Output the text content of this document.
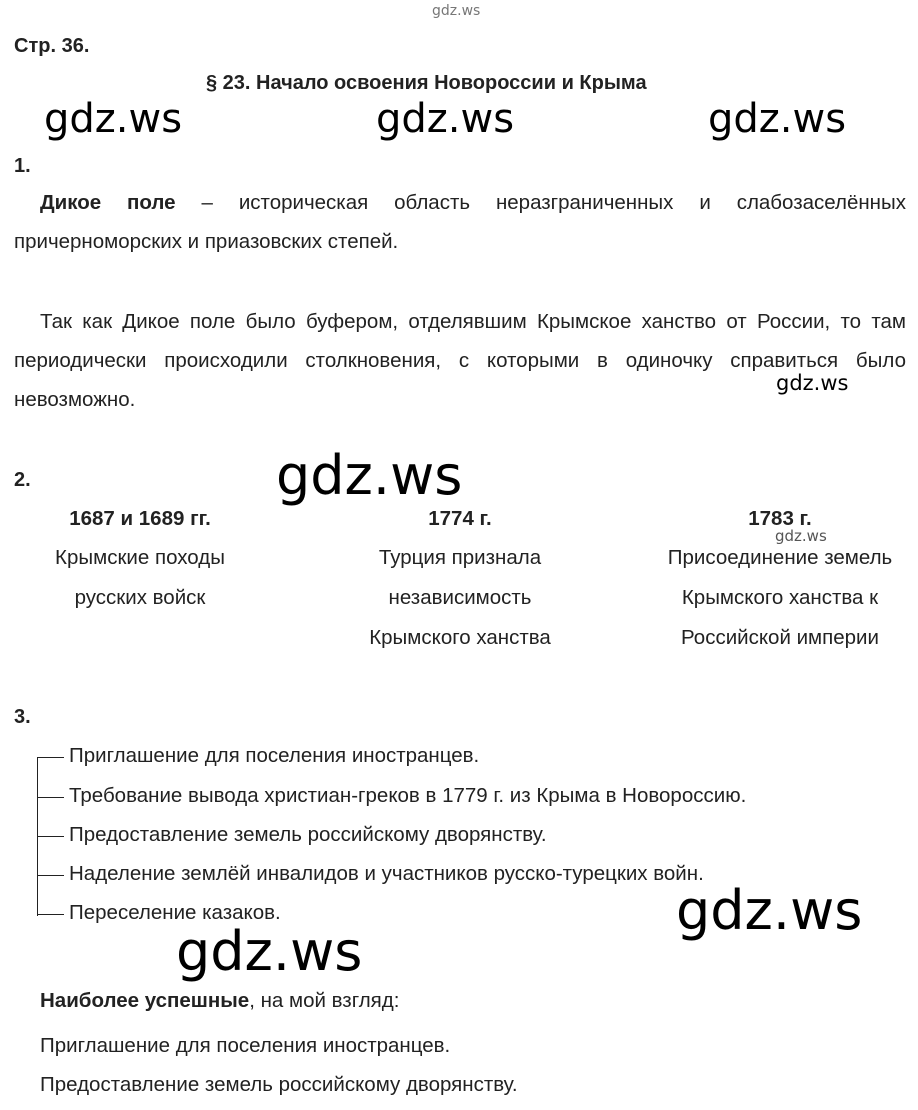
gdz.ws
gdz.ws	gdz.ws	gdz.ws
gdz.ws
gdz.ws
gdz.ws
gdz.ws
gdz.ws
Стр. 36.
§ 23. Начало освоения Новороссии и Крыма
1.
Дикое поле – историческая область неразграниченных и слабозаселённых причерноморских и приазовских степей.
Так как Дикое поле было буфером, отделявшим Крымское ханство от России, то там периодически происходили столкновения, с которыми в одиночку справиться было невозможно.
2.
1687 и 1689 гг.
Крымские походы
русских войск
1774 г.
Турция признала
независимость
Крымского ханства
1783 г.
Присоединение земель
Крымского ханства к
Российской империи
3.
Приглашение для поселения иностранцев.
Требование вывода христиан-греков в 1779 г. из Крыма в Новороссию.
Предоставление земель российскому дворянству.
Наделение землёй инвалидов и участников русско-турецких войн.
Переселение казаков.
Наиболее успешные, на мой взгляд:
Приглашение для поселения иностранцев.
Предоставление земель российскому дворянству.
